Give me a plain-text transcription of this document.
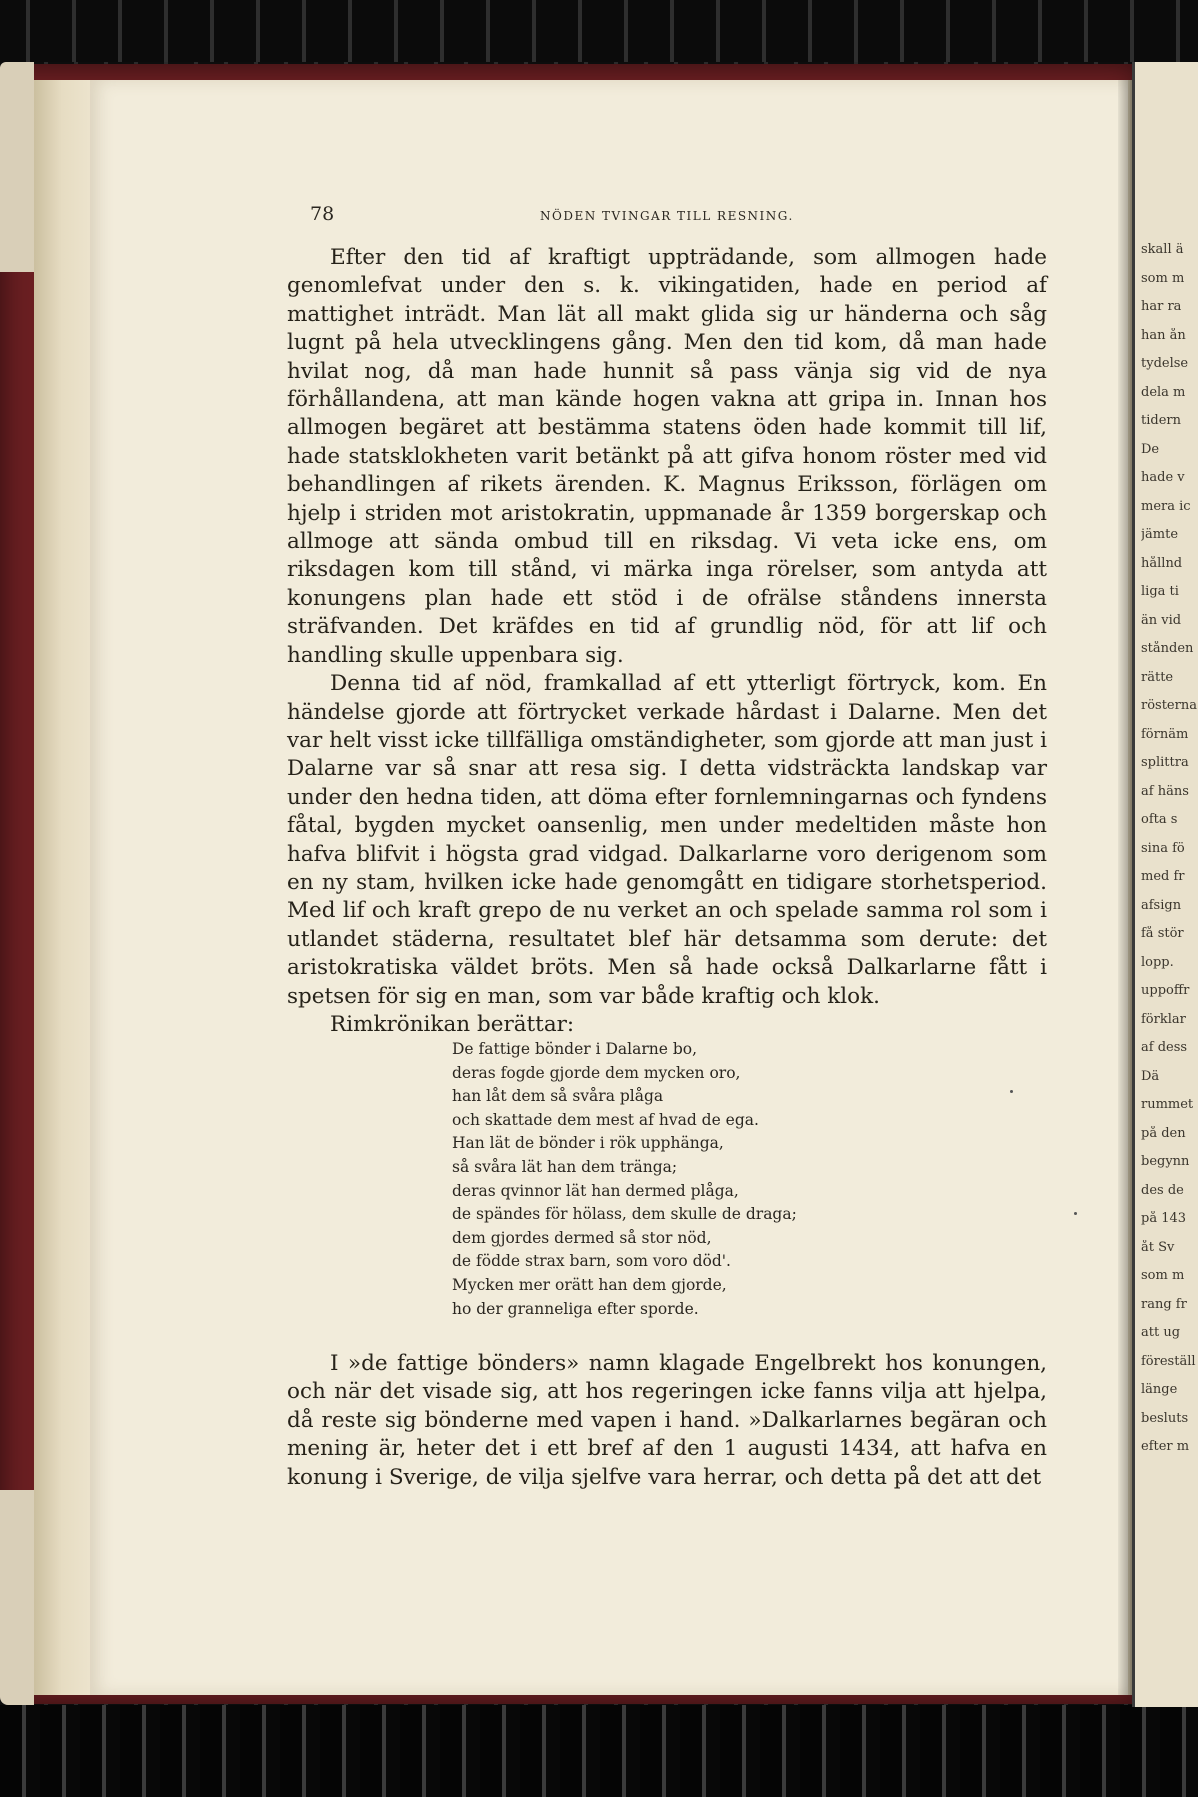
skall ä
som m
har ra
han ån
tydelse
dela m
tidern
De
hade v
mera ic
jämte
hållnd
liga ti
än vid
stånden
rätte
rösterna
förnäm
splittra
af häns
ofta s
sina fö
med fr
afsign
få stör
lopp.
uppoffr
förklar
af dess
Dä
rummet
på den
begynn
des de
på 143
åt Sv
som m
rang fr
att ug
föreställ
länge
besluts
efter m
78	NÖDEN TVINGAR TILL RESNING.

Efter den tid af kraftigt uppträdande, som allmogen hade genomlefvat under den s. k. vikingatiden, hade en period af mattighet inträdt. Man lät all makt glida sig ur händerna och såg lugnt på hela utvecklingens gång. Men den tid kom, då man hade hvilat nog, då man hade hunnit så pass vänja sig vid de nya förhållandena, att man kände hogen vakna att gripa in. Innan hos allmogen begäret att bestämma statens öden hade kommit till lif, hade statsklokheten varit betänkt på att gifva honom röster med vid behandlingen af rikets ärenden. K. Magnus Eriksson, förlägen om hjelp i striden mot aristokratin, uppmanade år 1359 borgerskap och allmoge att sända ombud till en riksdag. Vi veta icke ens, om riksdagen kom till stånd, vi märka inga rörelser, som antyda att konungens plan hade ett stöd i de ofrälse ståndens innersta sträfvanden. Det kräfdes en tid af grundlig nöd, för att lif och handling skulle uppenbara sig.

Denna tid af nöd, framkallad af ett ytterligt förtryck, kom. En händelse gjorde att förtrycket verkade hårdast i Dalarne. Men det var helt visst icke tillfälliga omständigheter, som gjorde att man just i Dalarne var så snar att resa sig. I detta vidsträckta landskap var under den hedna tiden, att döma efter fornlemningarnas och fyndens fåtal, bygden mycket oansenlig, men under medeltiden måste hon hafva blifvit i högsta grad vidgad. Dalkarlarne voro derigenom som en ny stam, hvilken icke hade genomgått en tidigare storhetsperiod. Med lif och kraft grepo de nu verket an och spelade samma rol som i utlandet städerna, resultatet blef här detsamma som derute: det aristokratiska väldet bröts. Men så hade också Dalkarlarne fått i spetsen för sig en man, som var både kraftig och klok.

Rimkrönikan berättar:

De fattige bönder i Dalarne bo,
deras fogde gjorde dem mycken oro,
han låt dem så svåra plåga
och skattade dem mest af hvad de ega.
Han lät de bönder i rök upphänga,
så svåra lät han dem tränga;
deras qvinnor lät han dermed plåga,
de spändes för hölass, dem skulle de draga;
dem gjordes dermed så stor nöd,
de födde strax barn, som voro död'.
Mycken mer orätt han dem gjorde,
ho der granneliga efter sporde.

I »de fattige bönders» namn klagade Engelbrekt hos konungen, och när det visade sig, att hos regeringen icke fanns vilja att hjelpa, då reste sig bönderne med vapen i hand. »Dalkarlarnes begäran och mening är, heter det i ett bref af den 1 augusti 1434, att hafva en konung i Sverige, de vilja sjelfve vara herrar, och detta på det att det
